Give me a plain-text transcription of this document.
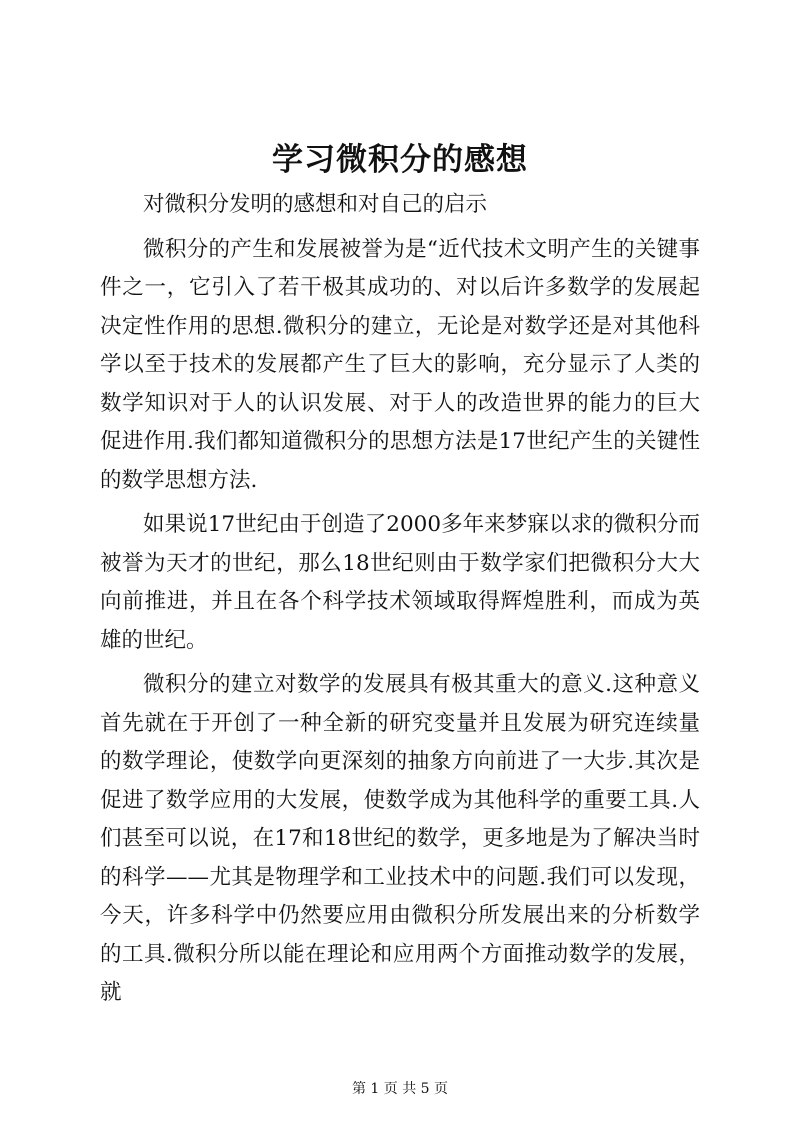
学习微积分的感想

对微积分发明的感想和对自己的启示

微积分的产生和发展被誉为是“近代技术文明产生的关键事件之一，它引入了若干极其成功的、对以后许多数学的发展起决定性作用的思想.微积分的建立，无论是对数学还是对其他科学以至于技术的发展都产生了巨大的影响，充分显示了人类的数学知识对于人的认识发展、对于人的改造世界的能力的巨大促进作用.我们都知道微积分的思想方法是17世纪产生的关键性的数学思想方法.

如果说17世纪由于创造了2000多年来梦寐以求的微积分而被誉为天才的世纪，那么18世纪则由于数学家们把微积分大大向前推进，并且在各个科学技术领域取得辉煌胜利，而成为英雄的世纪。

微积分的建立对数学的发展具有极其重大的意义.这种意义首先就在于开创了一种全新的研究变量并且发展为研究连续量的数学理论，使数学向更深刻的抽象方向前进了一大步.其次是促进了数学应用的大发展，使数学成为其他科学的重要工具.人们甚至可以说，在17和18世纪的数学，更多地是为了解决当时的科学——尤其是物理学和工业技术中的问题.我们可以发现，今天，许多科学中仍然要应用由微积分所发展出来的分析数学的工具.微积分所以能在理论和应用两个方面推动数学的发展，就

第 1 页 共 5 页
